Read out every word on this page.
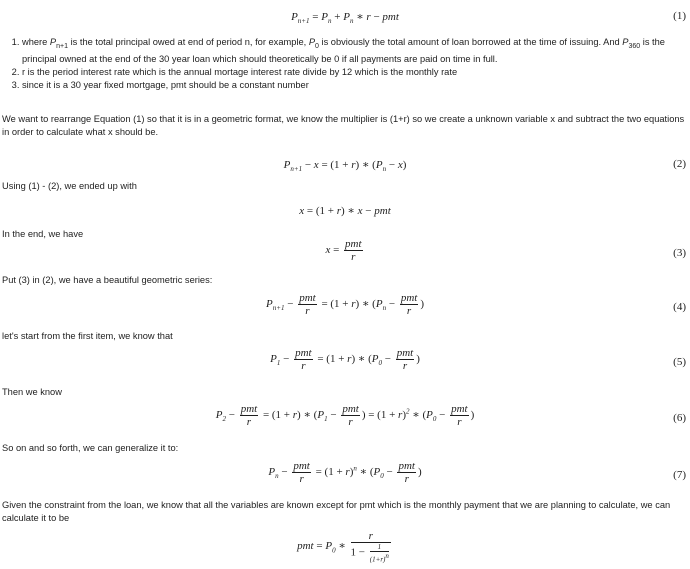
$P_{n+1} = P_n + P_n$ ∗ r − pmt	(1)
1. where $P_{n+1}$ is the total principal owed at end of period n, for example, $P_0$ is obviously the total amount of loan borrowed at the time of issuing. And $P_{360}$ is the principal owned at the end of the 30 year loan which should theoretically be 0 if all payments are paid on time in full.
2. r is the period interest rate which is the annual mortage interest rate divide by 12 which is the monthly rate
3. since it is a 30 year fixed mortgage, pmt should be a constant number

We want to rearrange Equation (1) so that it is in a geometric format, we know the multiplier is (1+r) so we create a unknown variable x and subtract the two equations in order to calculate what x should be.

$P_{n+1} - x = (1 + r)$ ∗ $(P_n - x)$	(2)

Using (1) - (2), we ended up with

x = (1 + r) ∗ x − pmt

In the end, we have

x =
pmt
r	(3)

Put (3) in (2), we have a beautiful geometric series:

$P_{n+1}$ −
pmt
r
= (1 + r) ∗ ($P_n$ −
pmt
r
)	(4)

let's start from the first item, we know that

$P_1$ −
pmt
r
= (1 + r) ∗ ($P_0$ −
pmt
r
)	(5)

Then we know

$P_2$ −
pmt
r
= (1 + r) ∗ ($P_1$ −
pmt
r
) = $(1 + r)^2$ ∗ ($P_0$ −
pmt
r
)	(6)

So on and so forth, we can generalize it to:

$P_n$ −
pmt
r
= $(1 + r)^n$ ∗ ($P_0$ −
pmt
r
)	(7)

Given the constraint from the loan, we know that all the variables are known except for pmt which is the monthly payment that we are planning to calculate, we can calculate it to be

pmt = $P_0$ ∗ $\frac{r}{1 - \frac{1}{(1+r)^n}}$
